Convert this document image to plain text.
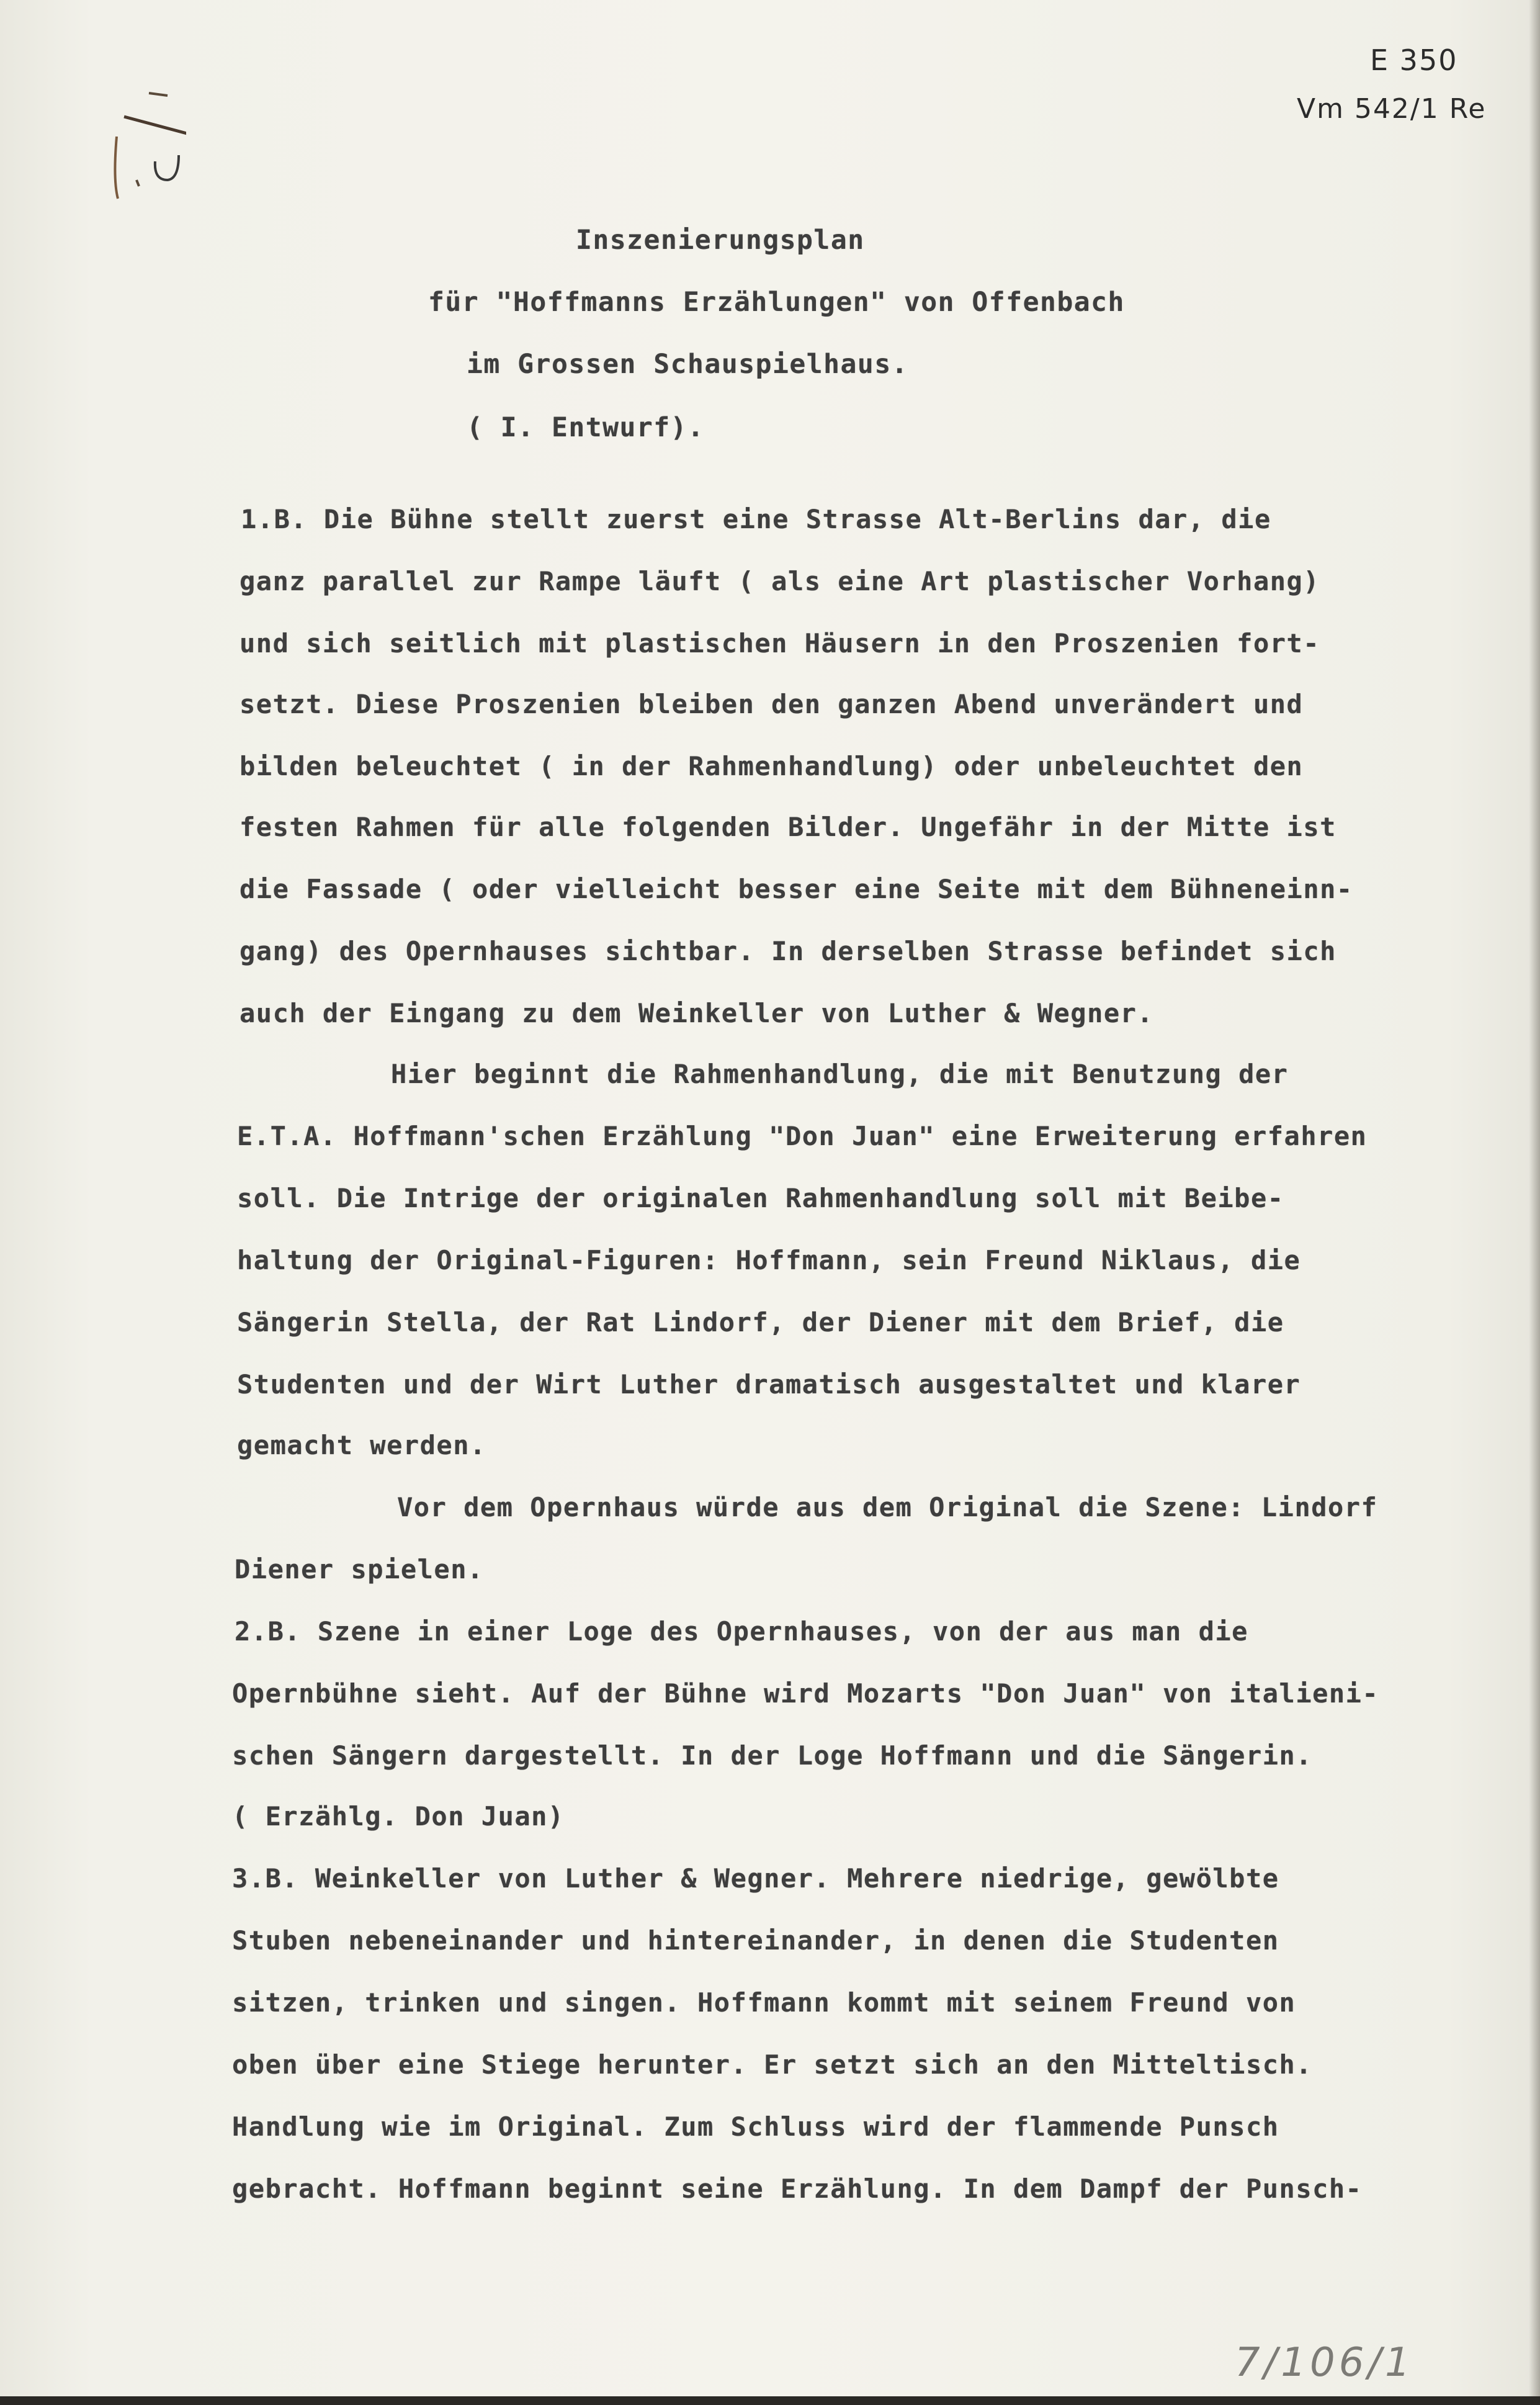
E 350
Vm 542/1 Re
Inszenierungsplan
für "Hoffmanns Erzählungen" von Offenbach
im Grossen Schauspielhaus.
( I. Entwurf).
1.B. Die Bühne stellt zuerst eine Strasse Alt-Berlins dar, die
ganz parallel zur Rampe läuft ( als eine Art plastischer Vorhang)
und sich seitlich mit plastischen Häusern in den Proszenien fort-
setzt. Diese Proszenien bleiben den ganzen Abend unverändert und
bilden beleuchtet ( in der Rahmenhandlung) oder unbeleuchtet den
festen Rahmen für alle folgenden Bilder. Ungefähr in der Mitte ist
die Fassade ( oder vielleicht besser eine Seite mit dem Bühneneinn-
gang) des Opernhauses sichtbar. In derselben Strasse befindet sich
auch der Eingang zu dem Weinkeller von Luther & Wegner.
Hier beginnt die Rahmenhandlung, die mit Benutzung der
E.T.A. Hoffmann'schen Erzählung "Don Juan" eine Erweiterung erfahren
soll. Die Intrige der originalen Rahmenhandlung soll mit Beibe-
haltung der Original-Figuren: Hoffmann, sein Freund Niklaus, die
Sängerin Stella, der Rat Lindorf, der Diener mit dem Brief, die
Studenten und der Wirt Luther dramatisch ausgestaltet und klarer
gemacht werden.
Vor dem Opernhaus würde aus dem Original die Szene: Lindorf
Diener spielen.
2.B. Szene in einer Loge des Opernhauses, von der aus man die
Opernbühne sieht. Auf der Bühne wird Mozarts "Don Juan" von italieni-
schen Sängern dargestellt. In der Loge Hoffmann und die Sängerin.
( Erzählg. Don Juan)
3.B. Weinkeller von Luther & Wegner. Mehrere niedrige, gewölbte
Stuben nebeneinander und hintereinander, in denen die Studenten
sitzen, trinken und singen. Hoffmann kommt mit seinem Freund von
oben über eine Stiege herunter. Er setzt sich an den Mitteltisch.
Handlung wie im Original. Zum Schluss wird der flammende Punsch
gebracht. Hoffmann beginnt seine Erzählung. In dem Dampf der Punsch-
7/106/1
